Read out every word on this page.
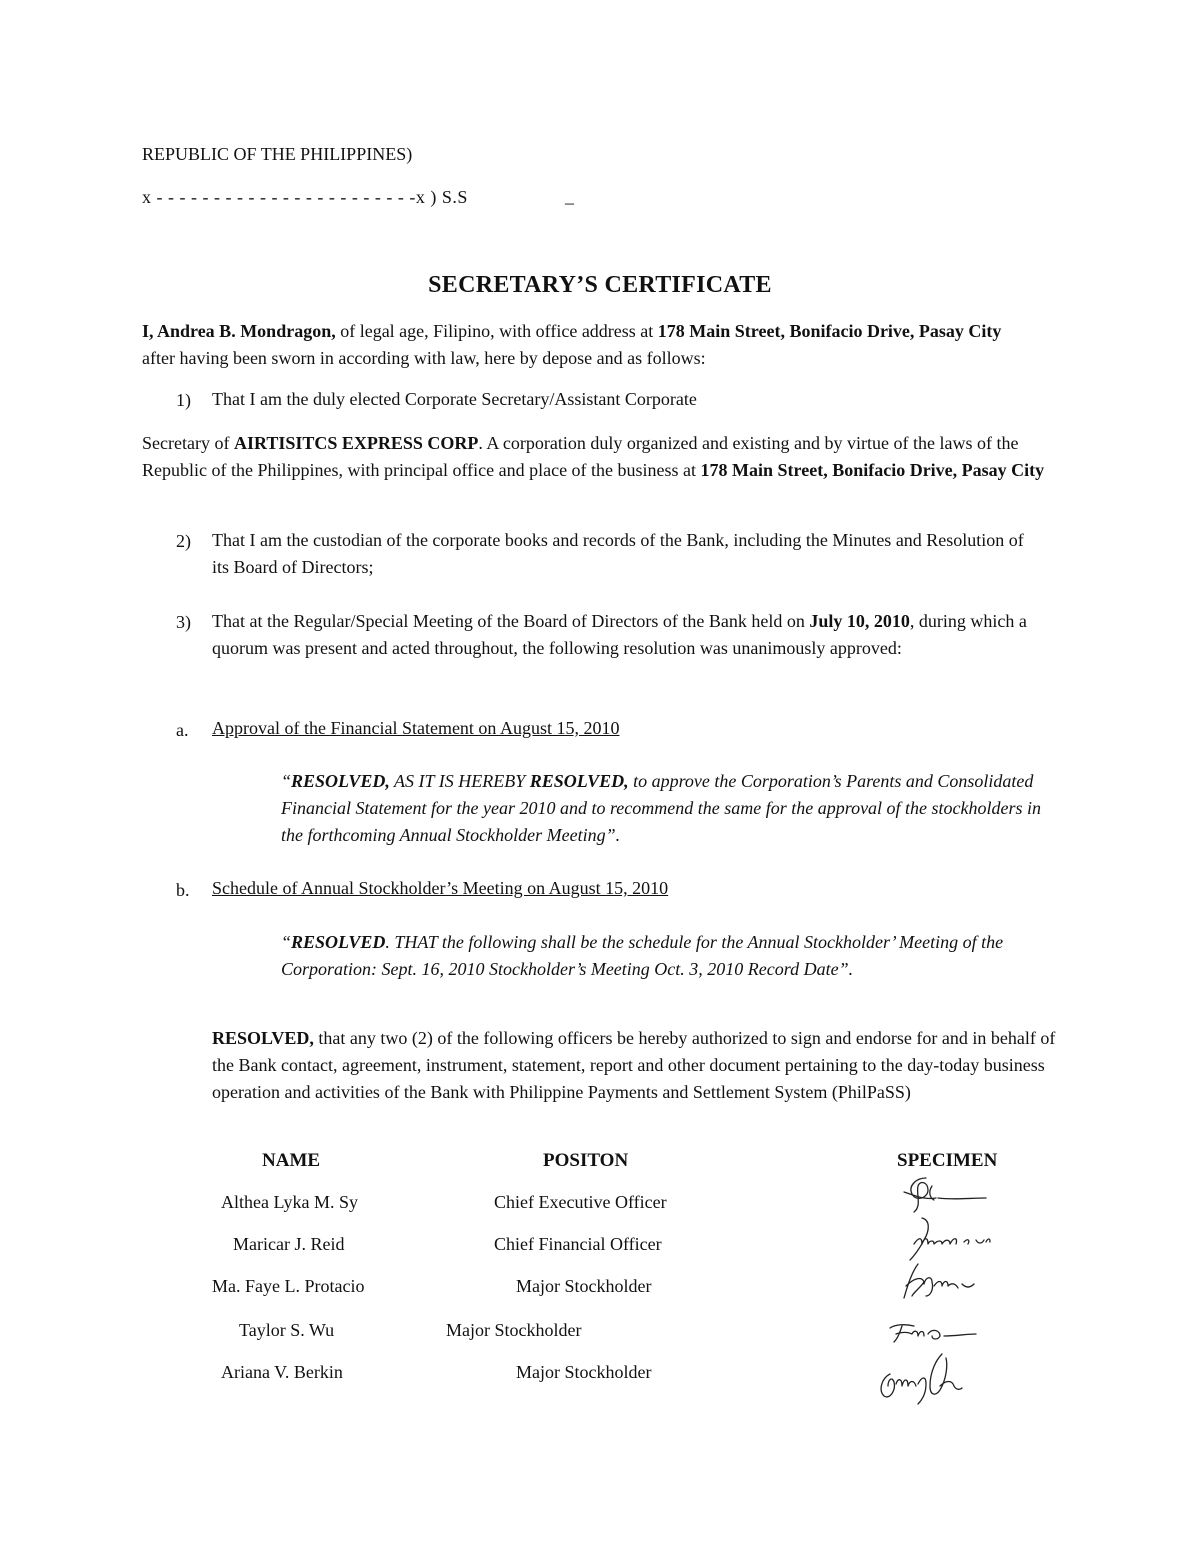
REPUBLIC OF THE PHILIPPINES)
x - - - - - - - - - - - - - - - - - - - - - - -x ) S.S	_
SECRETARY’S CERTIFICATE
I, Andrea B. Mondragon, of legal age, Filipino, with office address at 178 Main Street, Bonifacio Drive, Pasay City after having been sworn in according with law, here by depose and as follows:
1) That I am the duly elected Corporate Secretary/Assistant Corporate
Secretary of AIRTISITCS EXPRESS CORP. A corporation duly organized and existing and by virtue of the laws of the Republic of the Philippines, with principal office and place of the business at 178 Main Street, Bonifacio Drive, Pasay City
2) That I am the custodian of the corporate books and records of the Bank, including the Minutes and Resolution of its Board of Directors;
3) That at the Regular/Special Meeting of the Board of Directors of the Bank held on July 10, 2010, during which a quorum was present and acted throughout, the following resolution was unanimously approved:
a. Approval of the Financial Statement on August 15, 2010
“RESOLVED, AS IT IS HEREBY RESOLVED, to approve the Corporation’s Parents and Consolidated Financial Statement for the year 2010 and to recommend the same for the approval of the stockholders in the forthcoming Annual Stockholder Meeting”.
b. Schedule of Annual Stockholder’s Meeting on August 15, 2010
“RESOLVED. THAT the following shall be the schedule for the Annual Stockholder’ Meeting of the Corporation: Sept. 16, 2010 Stockholder’s Meeting Oct. 3, 2010 Record Date”.
RESOLVED, that any two (2) of the following officers be hereby authorized to sign and endorse for and in behalf of the Bank contact, agreement, instrument, statement, report and other document pertaining to the day-today business operation and activities of the Bank with Philippine Payments and Settlement System (PhilPaSS)
NAME	POSITON	SPECIMEN
Althea Lyka M. Sy	Chief Executive Officer
Maricar J. Reid	Chief Financial Officer
Ma. Faye L. Protacio	Major Stockholder
Taylor S. Wu	Major Stockholder
Ariana V. Berkin	Major Stockholder
